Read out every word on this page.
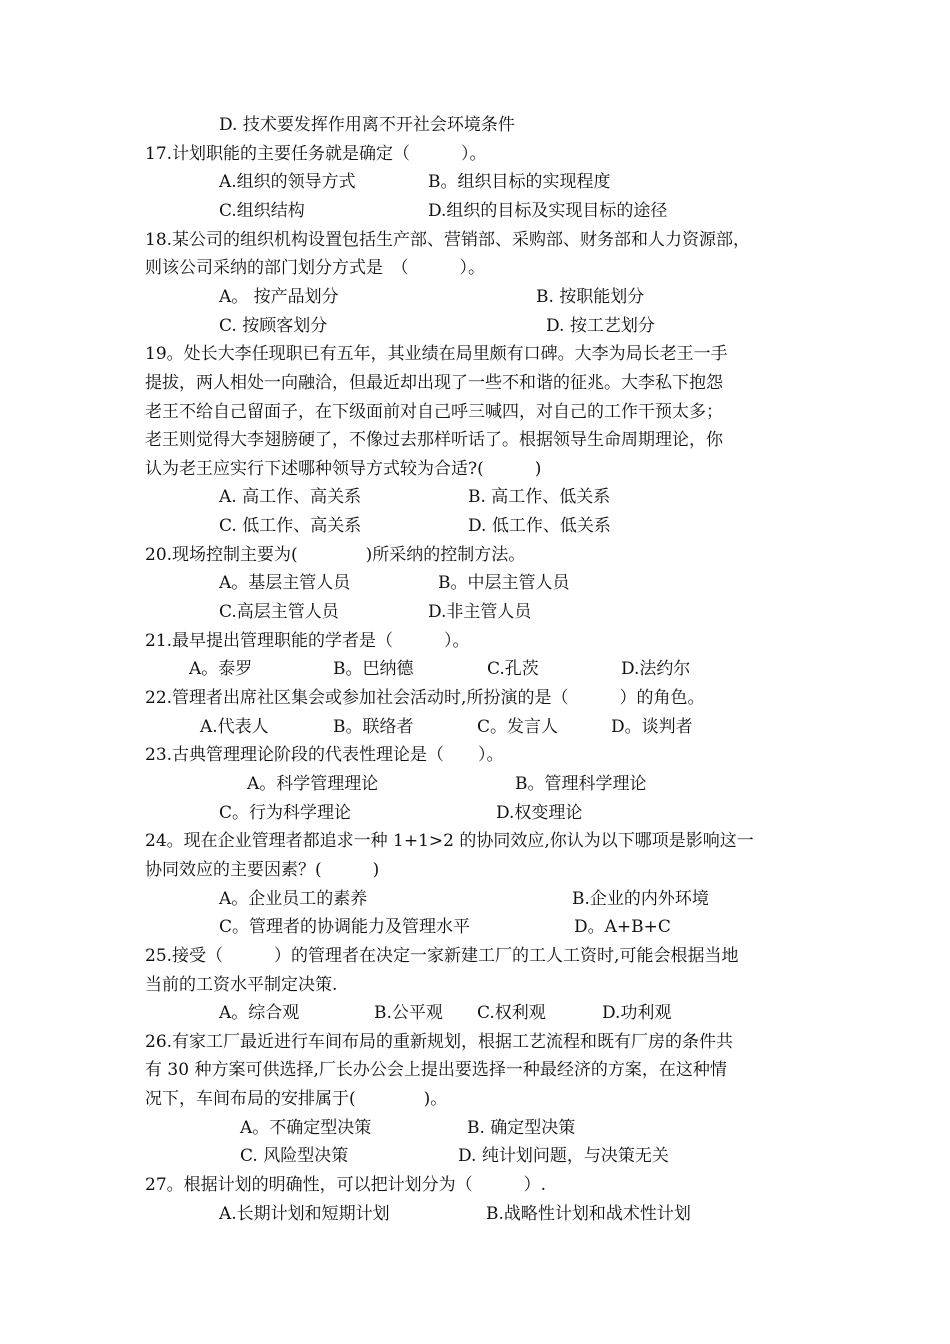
D. 技术要发挥作用离不开社会环境条件
17.计划职能的主要任务就是确定（　　　）。
A.组织的领导方式	B。组织目标的实现程度
C.组织结构	D.组织的目标及实现目标的途径
18.某公司的组织机构设置包括生产部、营销部、采购部、财务部和人力资源部，
则该公司采纳的部门划分方式是　（　　　）。
A。 按产品划分	B. 按职能划分
C. 按顾客划分	D. 按工艺划分
19。处长大李任现职已有五年，其业绩在局里颇有口碑。大李为局长老王一手
提拔，两人相处一向融洽，但最近却出现了一些不和谐的征兆。大李私下抱怨
老王不给自己留面子，在下级面前对自己呼三喊四，对自己的工作干预太多；
老王则觉得大李翅膀硬了，不像过去那样听话了。根据领导生命周期理论，你
认为老王应实行下述哪种领导方式较为合适?(　　　)
A. 高工作、高关系	B. 高工作、低关系
C. 低工作、高关系	D. 低工作、低关系
20.现场控制主要为(　　　　)所采纳的控制方法。
A。基层主管人员	B。中层主管人员
C.高层主管人员	D.非主管人员
21.最早提出管理职能的学者是（　　　）。
A。泰罗	B。巴纳德	C.孔茨	D.法约尔
22.管理者出席社区集会或参加社会活动时,所扮演的是（　　　）的角色。
A.代表人	B。联络者	C。发言人	D。谈判者
23.古典管理理论阶段的代表性理论是（　　）。
A。科学管理理论	B。管理科学理论
C。行为科学理论	D.权变理论
24。现在企业管理者都追求一种 1+1>2 的协同效应,你认为以下哪项是影响这一
协同效应的主要因素？(　　　)
A。企业员工的素养	B.企业的内外环境
C。管理者的协调能力及管理水平	D。A+B+C
25.接受（　　　）的管理者在决定一家新建工厂的工人工资时,可能会根据当地
当前的工资水平制定决策.
A。综合观	B.公平观 C.权利观	D.功利观
26.有家工厂最近进行车间布局的重新规划，根据工艺流程和既有厂房的条件共
有 30 种方案可供选择,厂长办公会上提出要选择一种最经济的方案，在这种情
况下，车间布局的安排属于(　　　　)。
A。不确定型决策	B. 确定型决策
C. 风险型决策	D. 纯计划问题，与决策无关
27。根据计划的明确性，可以把计划分为（　　　）.
A.长期计划和短期计划	B.战略性计划和战术性计划
